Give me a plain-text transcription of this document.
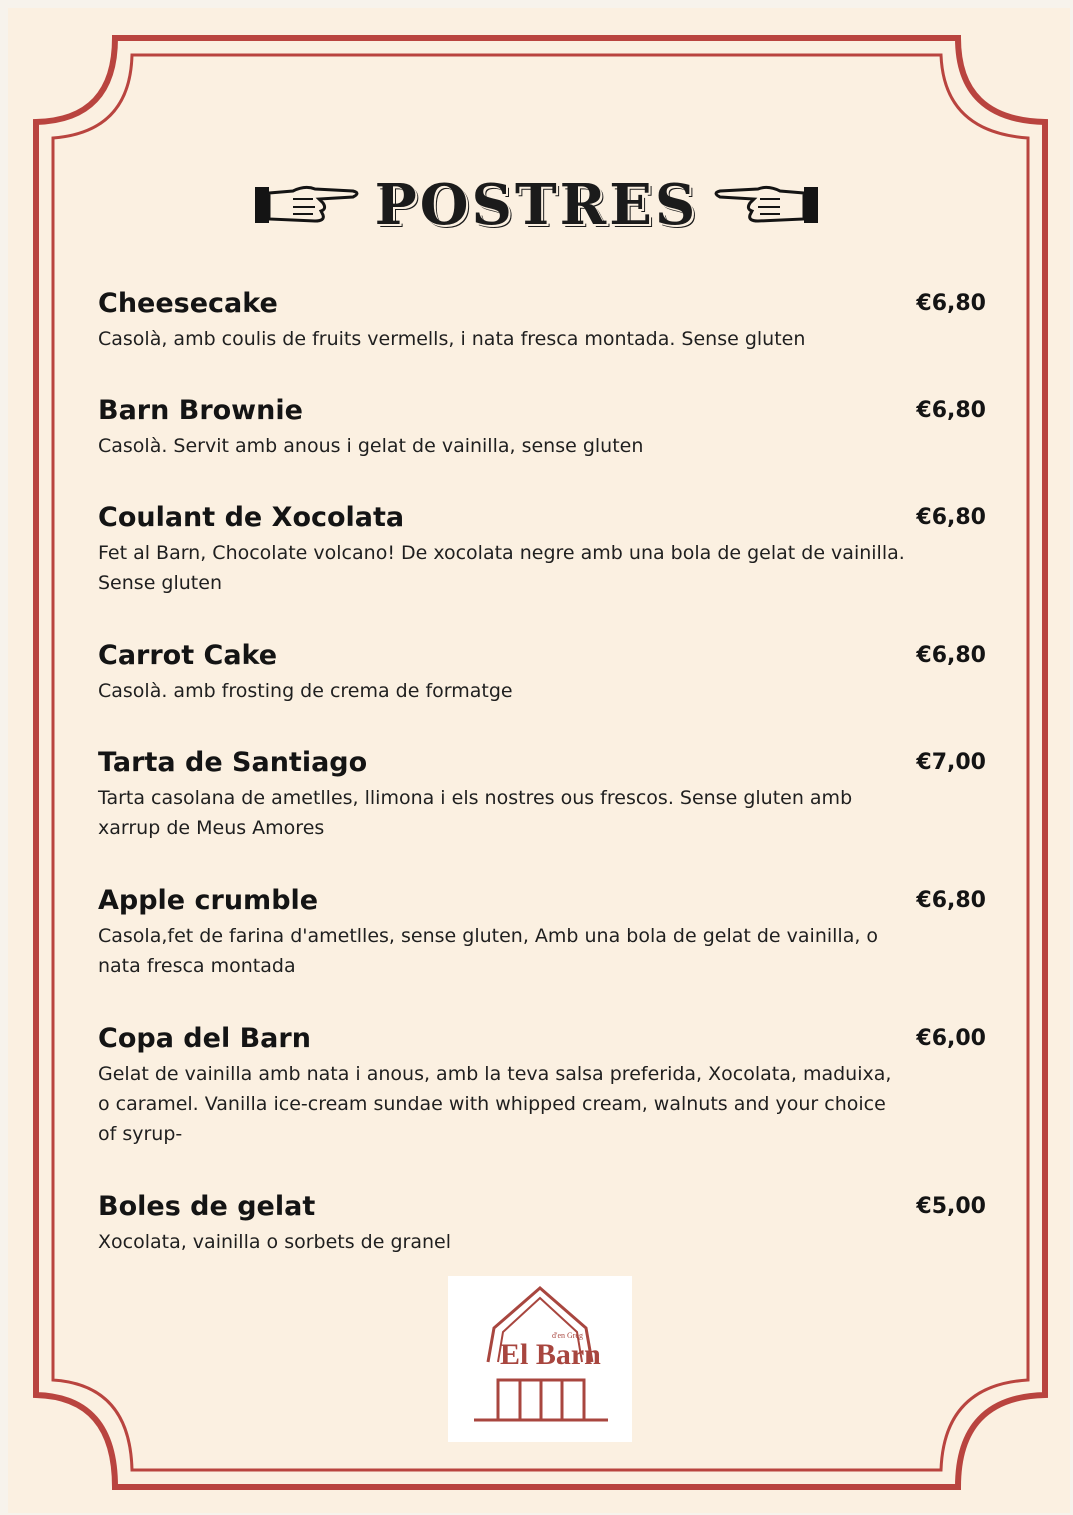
POSTRES
Cheesecake	€6,80
Casolà, amb coulis de fruits vermells, i nata fresca montada. Sense gluten
Barn Brownie	€6,80
Casolà. Servit amb anous i gelat de vainilla, sense gluten
Coulant de Xocolata	€6,80
Fet al Barn, Chocolate volcano! De xocolata negre amb una bola de gelat de vainilla. Sense gluten
Carrot Cake	€6,80
Casolà. amb frosting de crema de formatge
Tarta de Santiago	€7,00
Tarta casolana de ametlles, llimona i els nostres ous frescos. Sense gluten amb xarrup de Meus Amores
Apple crumble	€6,80
Casola,fet de farina d'ametlles, sense gluten, Amb una bola de gelat de vainilla, o nata fresca montada
Copa del Barn	€6,00
Gelat de vainilla amb nata i anous, amb la teva salsa preferida, Xocolata, maduixa, o caramel. Vanilla ice-cream sundae with whipped cream, walnuts and your choice of syrup-
Boles de gelat	€5,00
Xocolata, vainilla o sorbets de granel
El Barn
d'en Greg
